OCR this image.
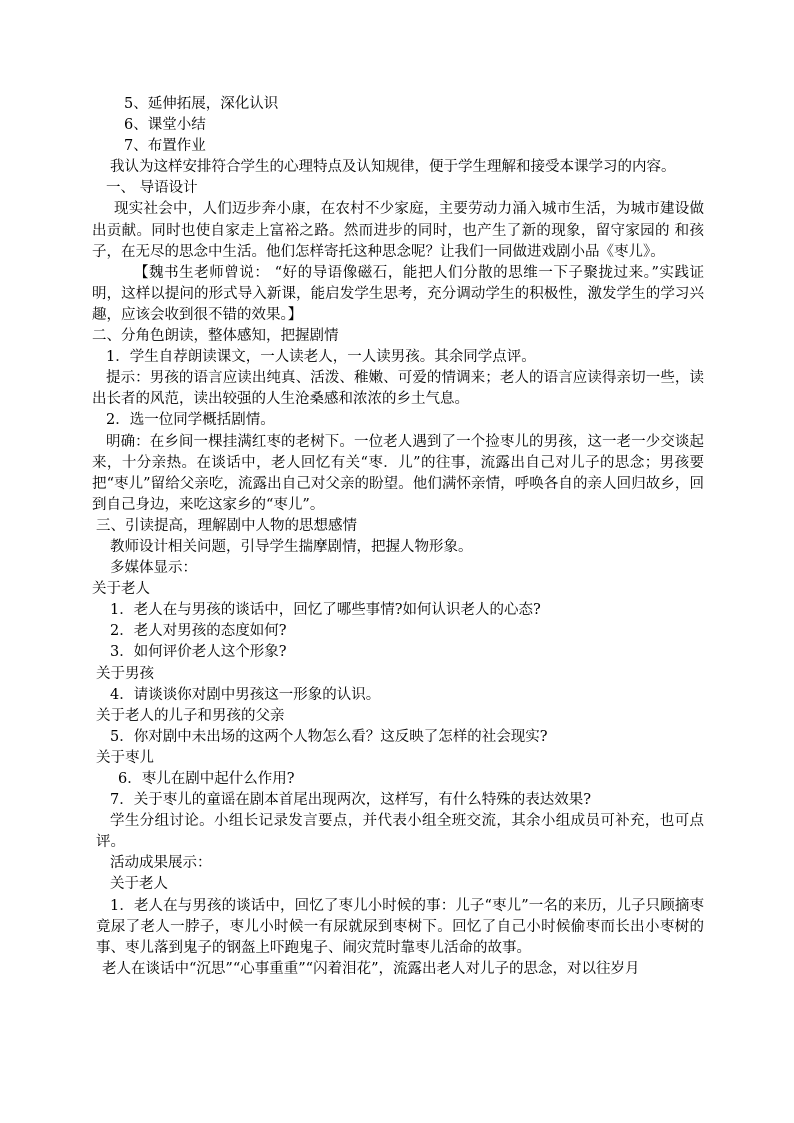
5、延伸拓展，深化认识

6、课堂小结

7、布置作业

我认为这样安排符合学生的心理特点及认知规律，便于学生理解和接受本课学习的内容。

一、 导语设计

现实社会中，人们迈步奔小康，在农村不少家庭，主要劳动力涌入城市生活，为城市建设做出贡献。同时也使自家走上富裕之路。然而进步的同时，也产生了新的现象，留守家园的 和孩子，在无尽的思念中生活。他们怎样寄托这种思念呢？让我们一同做进戏剧小品《枣儿》。

【魏书生老师曾说： “好的导语像磁石，能把人们分散的思维一下子聚拢过来。”实践证明，这样以提问的形式导入新课，能启发学生思考，充分调动学生的积极性，激发学生的学习兴趣，应该会收到很不错的效果。】

二、分角色朗读，整体感知，把握剧情

1．学生自荐朗读课文，一人读老人，一人读男孩。其余同学点评。

提示：男孩的语言应读出纯真、活泼、稚嫩、可爱的情调来；老人的语言应读得亲切一些，读出长者的风范，读出较强的人生沧桑感和浓浓的乡土气息。

2．选一位同学概括剧情。

明确：在乡间一棵挂满红枣的老树下。一位老人遇到了一个捡枣儿的男孩，这一老一少交谈起来，十分亲热。在谈话中，老人回忆有关“枣．儿”的往事，流露出自己对儿子的思念；男孩要把“枣儿”留给父亲吃，流露出自己对父亲的盼望。他们满怀亲情，呼唤各自的亲人回归故乡，回到自己身边，来吃这家乡的“枣儿”。

三、引读提高，理解剧中人物的思想感情

教师设计相关问题，引导学生揣摩剧情，把握人物形象。

多媒体显示：

关于老人

1．老人在与男孩的谈话中，回忆了哪些事情?如何认识老人的心态?

2．老人对男孩的态度如何?

3．如何评价老人这个形象?

关于男孩

4．请谈谈你对剧中男孩这一形象的认识。

关于老人的儿子和男孩的父亲

5．你对剧中未出场的这两个人物怎么看？这反映了怎样的社会现实?

关于枣儿

6．枣儿在剧中起什么作用?

7．关于枣儿的童谣在剧本首尾出现两次，这样写，有什么特殊的表达效果?

学生分组讨论。小组长记录发言要点，并代表小组全班交流，其余小组成员可补充，也可点评。

活动成果展示：

关于老人

1．老人在与男孩的谈话中，回忆了枣儿小时候的事：儿子“枣儿”一名的来历，儿子只顾摘枣竟尿了老人一脖子，枣儿小时候一有尿就尿到枣树下。回忆了自己小时候偷枣而长出小枣树的事、枣儿落到鬼子的钢盔上吓跑鬼子、闹灾荒时靠枣儿活命的故事。

老人在谈话中“沉思”“心事重重”“闪着泪花”，流露出老人对儿子的思念，对以往岁月
